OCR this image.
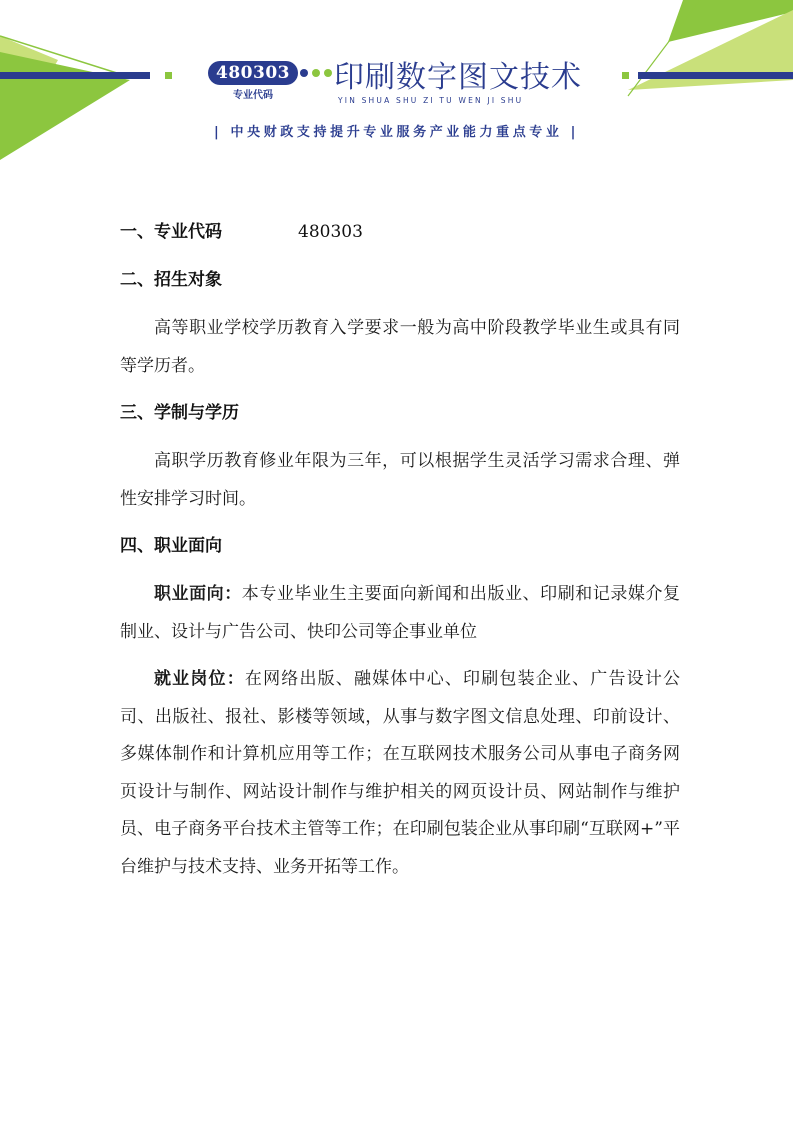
480303
专业代码
印刷数字图文技术
YIN SHUA SHU ZI TU WEN JI SHU
| 中央财政支持提升专业服务产业能力重点专业 |
一、专业代码	480303
二、招生对象

高等职业学校学历教育入学要求一般为高中阶段教学毕业生或具有同等学历者。

三、学制与学历

高职学历教育修业年限为三年，可以根据学生灵活学习需求合理、弹性安排学习时间。

四、职业面向

职业面向：本专业毕业生主要面向新闻和出版业、印刷和记录媒介复制业、设计与广告公司、快印公司等企事业单位

就业岗位：在网络出版、融媒体中心、印刷包装企业、广告设计公司、出版社、报社、影楼等领域，从事与数字图文信息处理、印前设计、多媒体制作和计算机应用等工作；在互联网技术服务公司从事电子商务网页设计与制作、网站设计制作与维护相关的网页设计员、网站制作与维护员、电子商务平台技术主管等工作；在印刷包装企业从事印刷“互联网+”平台维护与技术支持、业务开拓等工作。
